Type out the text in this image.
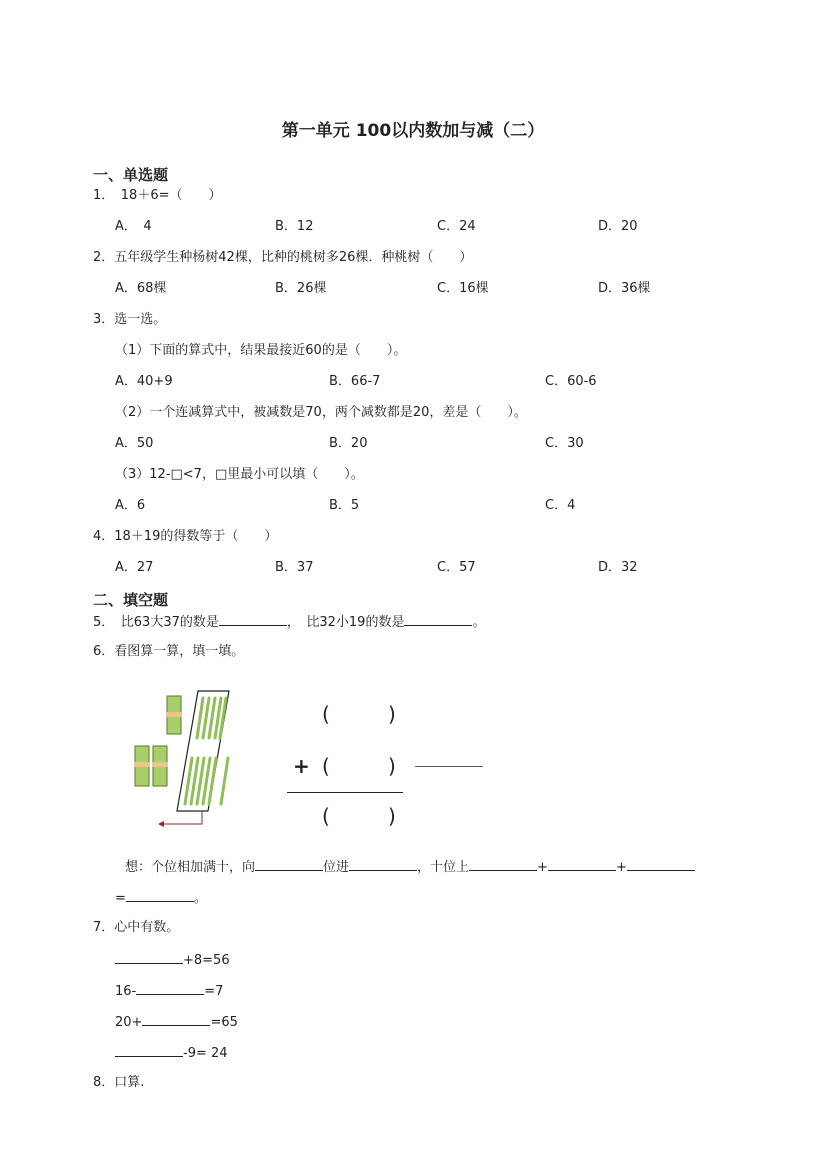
第一单元 100以内数加与减（二）
一、单选题
1．　18＋6=（　　）
A．　4	B．12	C．24	D．20
2．五年级学生种杨树42棵，比种的桃树多26棵．种桃树（　　）
A．68棵	B．26棵	C．16棵	D．36棵
3．选一选。
（1）下面的算式中，结果最接近60的是（　　）。
A．40+9	B．66-7	C．60-6
（2）一个连减算式中，被减数是70，两个减数都是20，差是（　　）。
A．50	B．20	C．30
（3）12-□<7，□里最小可以填（　　）。
A．6	B．5	C．4
4．18＋19的得数等于（　　）
A．27	B．37	C．57	D．32
二、填空题
5．　比63大37的数是	，　比32小19的数是	。
6．看图算一算，填一填。
(	)
+ (	)
(	)
想：个位相加满十，向	位进	，十位上	+	+
=	。
7．心中有数。
+8=56
16-	=7
20+	=65
-9= 24
8．口算.
